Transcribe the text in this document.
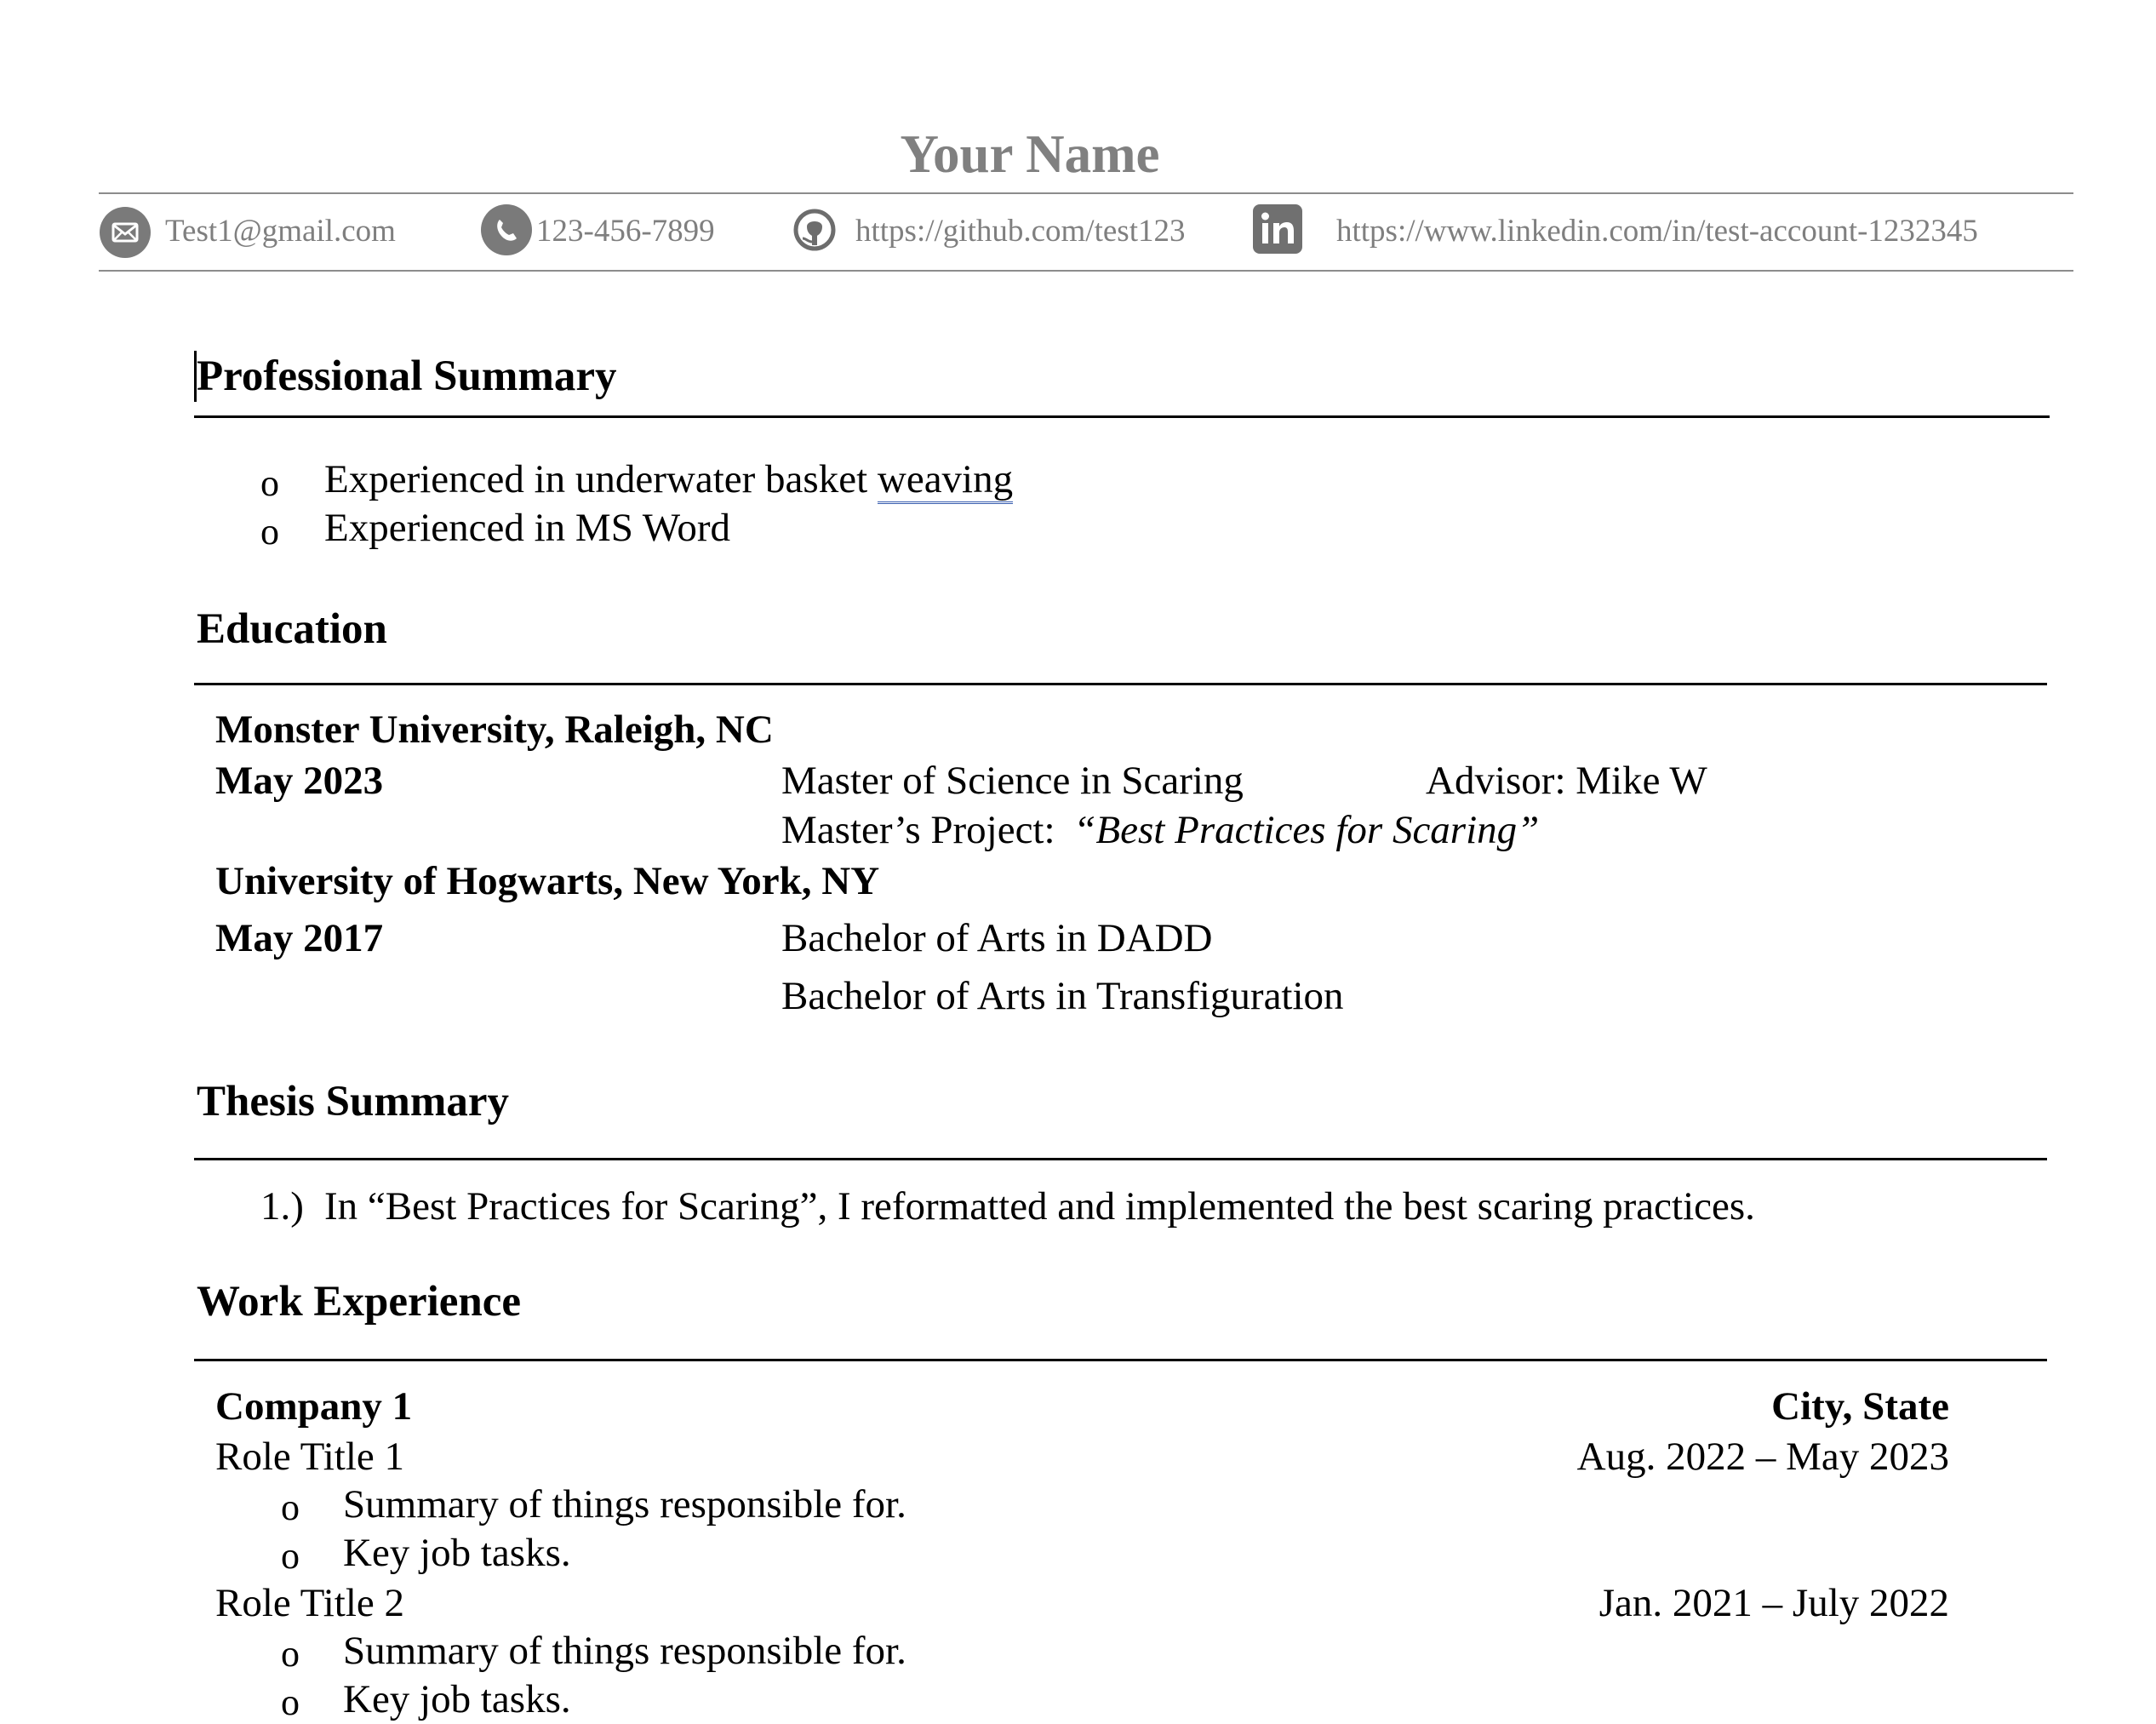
Your Name
Test1@gmail.com	123-456-7899	https://github.com/test123	https://www.linkedin.com/in/test-account-1232345
Professional Summary
o Experienced in underwater basket weaving
o Experienced in MS Word
Education
Monster University, Raleigh, NC
May 2023	Master of Science in Scaring	Advisor: Mike W
Master’s Project: “Best Practices for Scaring”
University of Hogwarts, New York, NY
May 2017	Bachelor of Arts in DADD
Bachelor of Arts in Transfiguration
Thesis Summary
1.) In “Best Practices for Scaring”, I reformatted and implemented the best scaring practices.
Work Experience
Company 1	City, State
Role Title 1	Aug. 2022 – May 2023
o Summary of things responsible for.
o Key job tasks.
Role Title 2	Jan. 2021 – July 2022
o Summary of things responsible for.
o Key job tasks.
